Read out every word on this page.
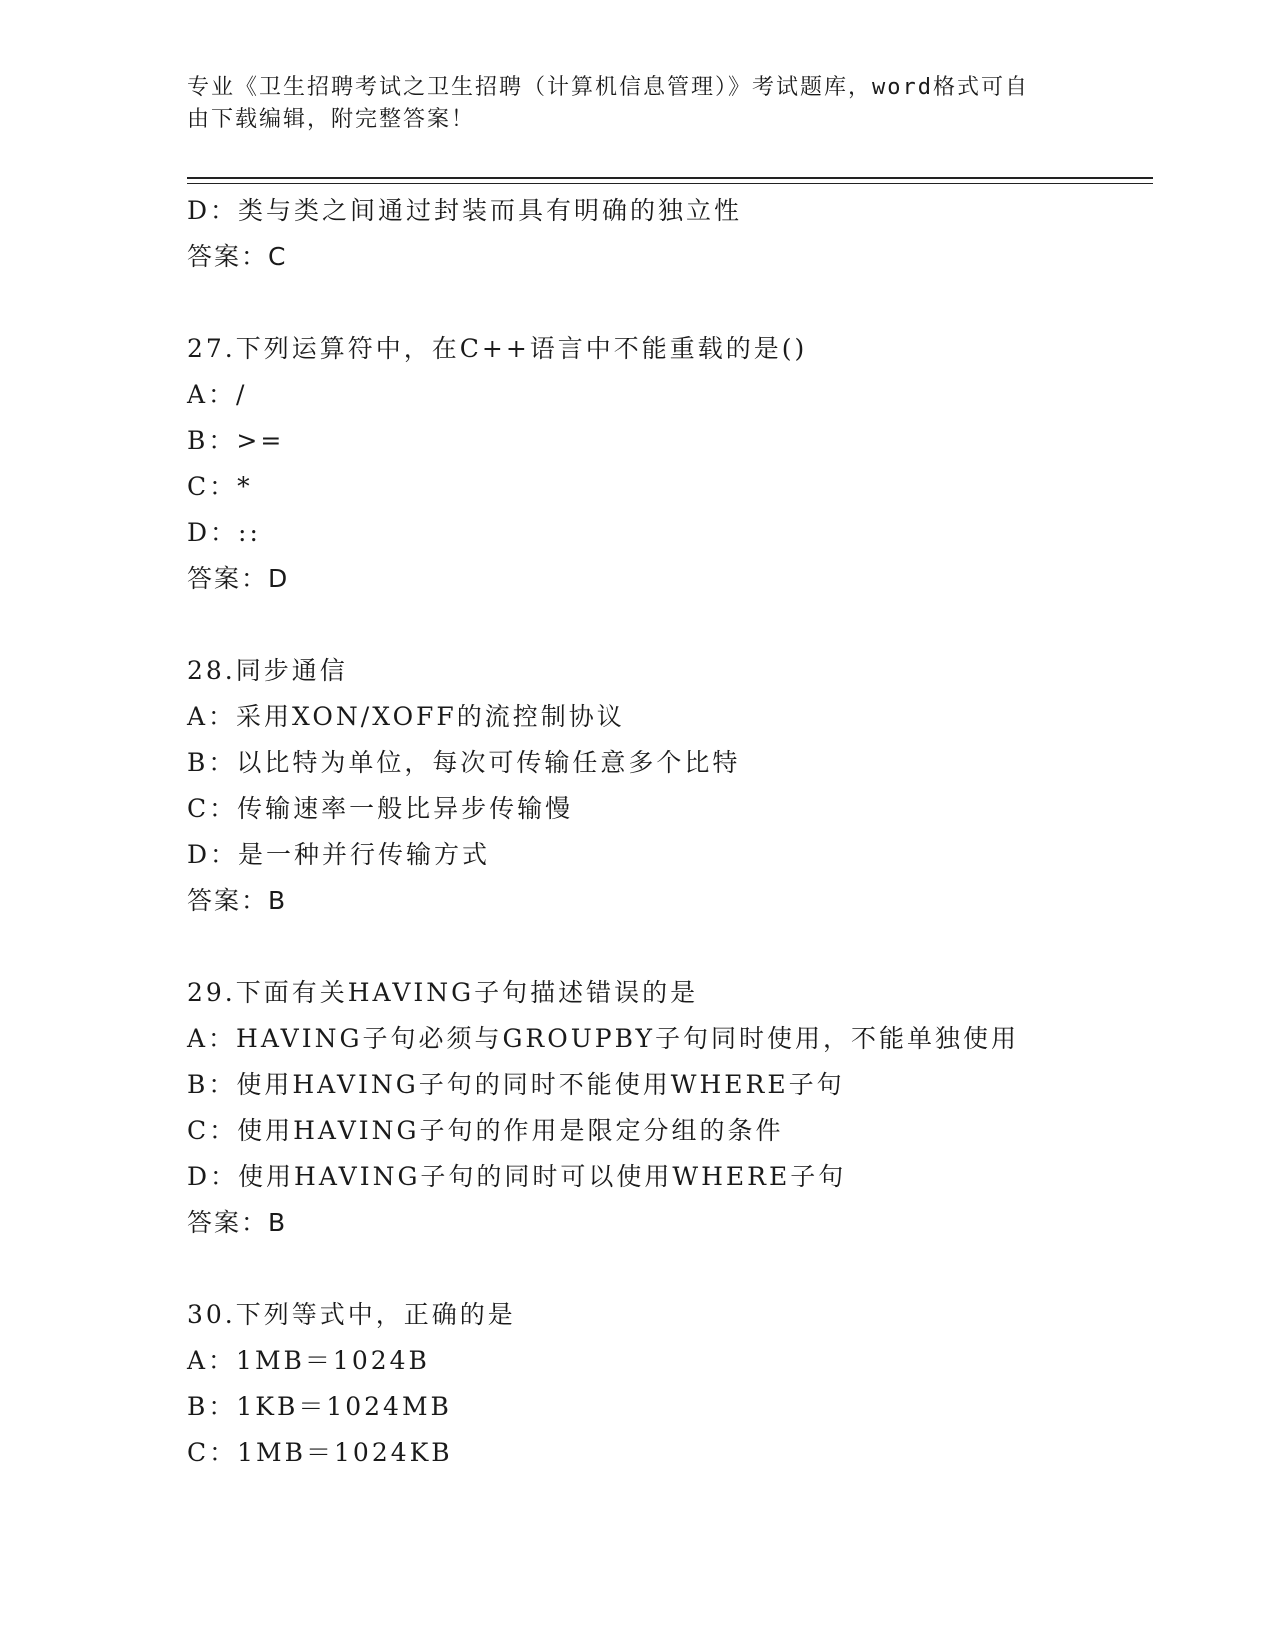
专业《卫生招聘考试之卫生招聘（计算机信息管理）》考试题库，word格式可自
由下载编辑，附完整答案！
D：类与类之间通过封装而具有明确的独立性
答案：C
27.下列运算符中，在C++语言中不能重载的是()
A：/
B：>=
C：*
D：::
答案：D
28.同步通信
A：采用XON/XOFF的流控制协议
B：以比特为单位，每次可传输任意多个比特
C：传输速率一般比异步传输慢
D：是一种并行传输方式
答案：B
29.下面有关HAVING子句描述错误的是
A：HAVING子句必须与GROUPBY子句同时使用，不能单独使用
B：使用HAVING子句的同时不能使用WHERE子句
C：使用HAVING子句的作用是限定分组的条件
D：使用HAVING子句的同时可以使用WHERE子句
答案：B
30.下列等式中，正确的是
A：1MB＝1024B
B：1KB＝1024MB
C：1MB＝1024KB
